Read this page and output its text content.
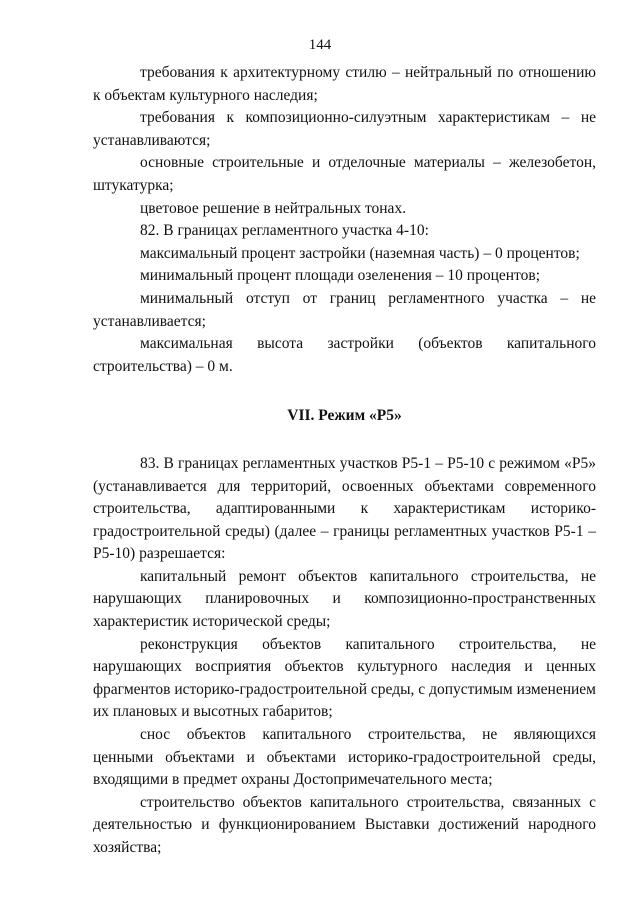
144

требования к архитектурному стилю – нейтральный по отношению к объектам культурного наследия;

требования к композиционно-силуэтным характеристикам – не устанавливаются;

основные строительные и отделочные материалы – железобетон, штукатурка;

цветовое решение в нейтральных тонах.

82. В границах регламентного участка 4-10:

максимальный процент застройки (наземная часть) – 0 процентов;

минимальный процент площади озеленения – 10 процентов;

минимальный отступ от границ регламентного участка – не устанавливается;

максимальная высота застройки (объектов капитального строительства) – 0 м.

VII. Режим «Р5»

83. В границах регламентных участков Р5-1 – Р5-10 с режимом «Р5» (устанавливается для территорий, освоенных объектами современного строительства, адаптированными к характеристикам историко-градостроительной среды) (далее – границы регламентных участков Р5-1 – Р5-10) разрешается:

капитальный ремонт объектов капитального строительства, не нарушающих планировочных и композиционно-пространственных характеристик исторической среды;

реконструкция объектов капитального строительства, не нарушающих восприятия объектов культурного наследия и ценных фрагментов историко-градостроительной среды, с допустимым изменением их плановых и высотных габаритов;

снос объектов капитального строительства, не являющихся ценными объектами и объектами историко-градостроительной среды, входящими в предмет охраны Достопримечательного места;

строительство объектов капитального строительства, связанных с деятельностью и функционированием Выставки достижений народного хозяйства;
